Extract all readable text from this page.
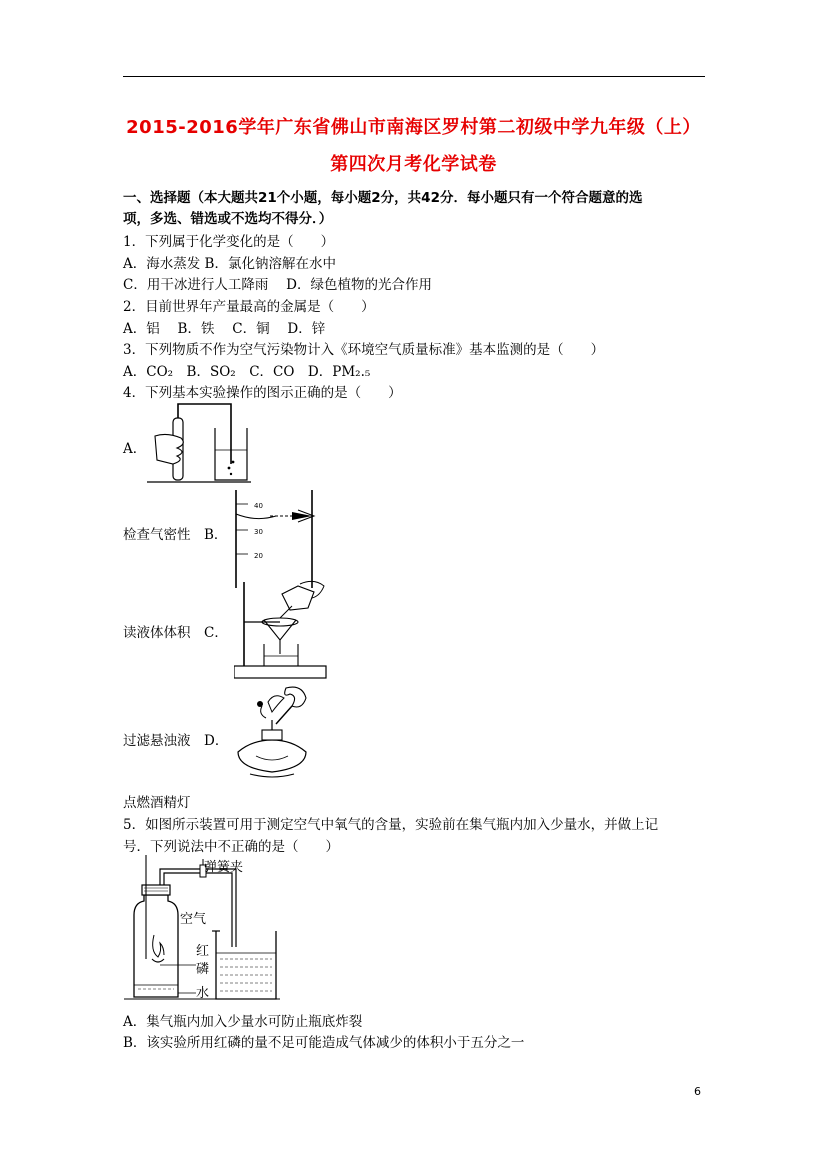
2015-2016学年广东省佛山市南海区罗村第二初级中学九年级（上）
第四次月考化学试卷
一、选择题（本大题共21个小题，每小题2分，共42分．每小题只有一个符合题意的选
项，多选、错选或不选均不得分．）
1．下列属于化学变化的是（　　）
A．海水蒸发 B．氯化钠溶解在水中
C．用干冰进行人工降雨　 D．绿色植物的光合作用
2．目前世界年产量最高的金属是（　　）
A．铝　 B．铁　 C．铜　 D．锌
3．下列物质不作为空气污染物计入《环境空气质量标准》基本监测的是（　　）
A．CO₂　B．SO₂　C．CO　D．PM₂.₅
4．下列基本实验操作的图示正确的是（　　）
A．
40
30
20
检查气密性　B．
读液体体积　C．
过滤悬浊液　D．
点燃酒精灯
5．如图所示装置可用于测定空气中氧气的含量，实验前在集气瓶内加入少量水，并做上记
号．下列说法中不正确的是（　　）
弹簧夹
空气
红
磷
水
A．集气瓶内加入少量水可防止瓶底炸裂
B．该实验所用红磷的量不足可能造成气体减少的体积小于五分之一
6
